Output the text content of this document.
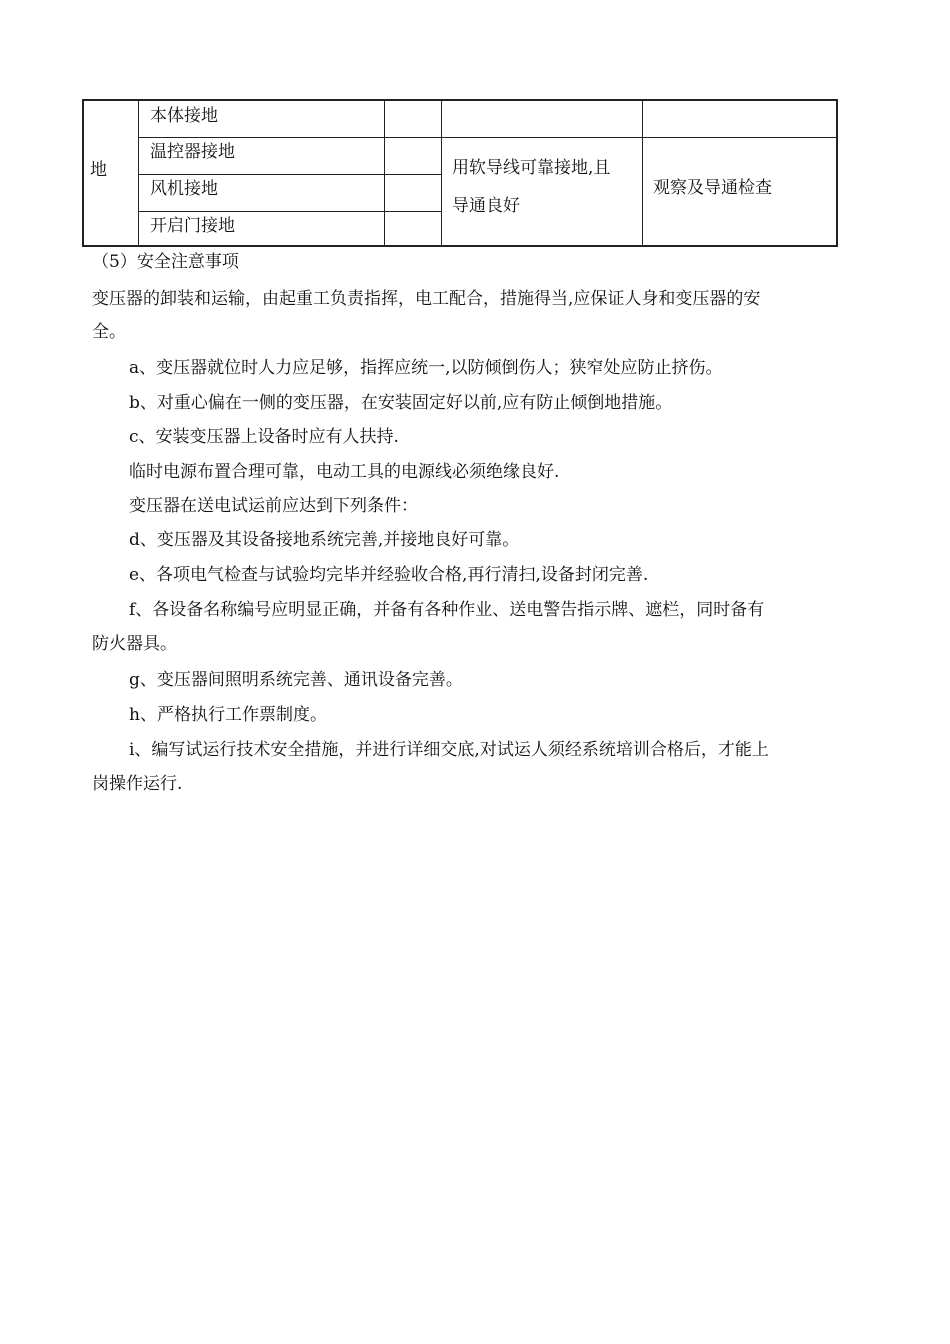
地
本体接地
温控器接地
风机接地
开启门接地
用软导线可靠接地,且
导通良好
观察及导通检查

（5）安全注意事项

变压器的卸装和运输，由起重工负责指挥，电工配合，措施得当,应保证人身和变压器的安

全。

a、变压器就位时人力应足够，指挥应统一,以防倾倒伤人；狭窄处应防止挤伤。

b、对重心偏在一侧的变压器，在安装固定好以前,应有防止倾倒地措施。

c、安装变压器上设备时应有人扶持.

临时电源布置合理可靠，电动工具的电源线必须绝缘良好.

变压器在送电试运前应达到下列条件：

d、变压器及其设备接地系统完善,并接地良好可靠。

e、各项电气检查与试验均完毕并经验收合格,再行清扫,设备封闭完善.

f、各设备名称编号应明显正确，并备有各种作业、送电警告指示牌、遮栏，同时备有

防火器具。

g、变压器间照明系统完善、通讯设备完善。

h、严格执行工作票制度。

i、编写试运行技术安全措施，并进行详细交底,对试运人须经系统培训合格后，才能上

岗操作运行.
